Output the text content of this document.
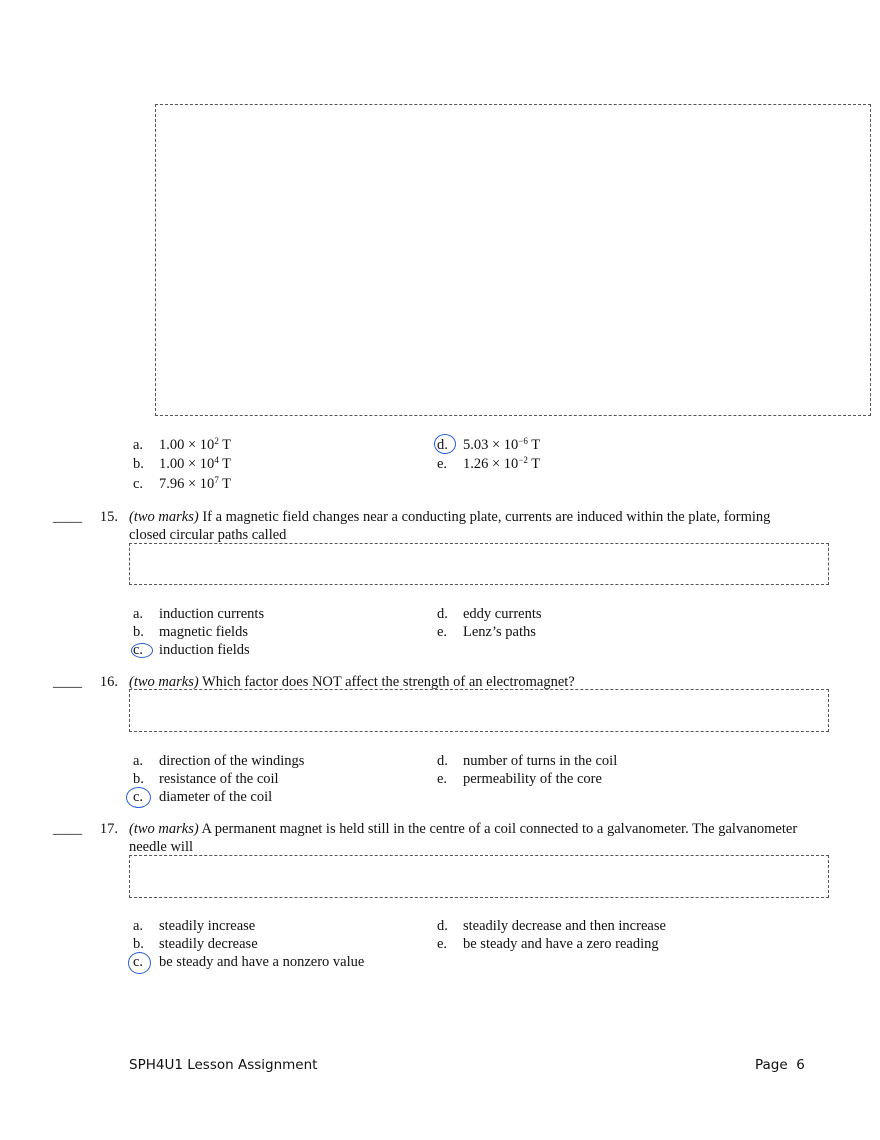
a. $1.00 \times 10^2$ T
b. $1.00 \times 10^4$ T
c. $7.96 \times 10^7$ T
d. $5.03 \times 10^{-6}$ T
e. $1.26 \times 10^{-2}$ T
____	15. (two marks) If a magnetic field changes near a conducting plate, currents are induced within the plate, forming closed circular paths called
a. induction currents
b. magnetic fields
c. induction fields
d. eddy currents
e. Lenz’s paths
____	16. (two marks) Which factor does NOT affect the strength of an electromagnet?
a. direction of the windings
b. resistance of the coil
c. diameter of the coil
d. number of turns in the coil
e. permeability of the core
____	17. (two marks) A permanent magnet is held still in the centre of a coil connected to a galvanometer. The galvanometer needle will
a. steadily increase
b. steadily decrease
c. be steady and have a nonzero value
d. steadily decrease and then increase
e. be steady and have a zero reading
SPH4U1 Lesson Assignment	Page  6
